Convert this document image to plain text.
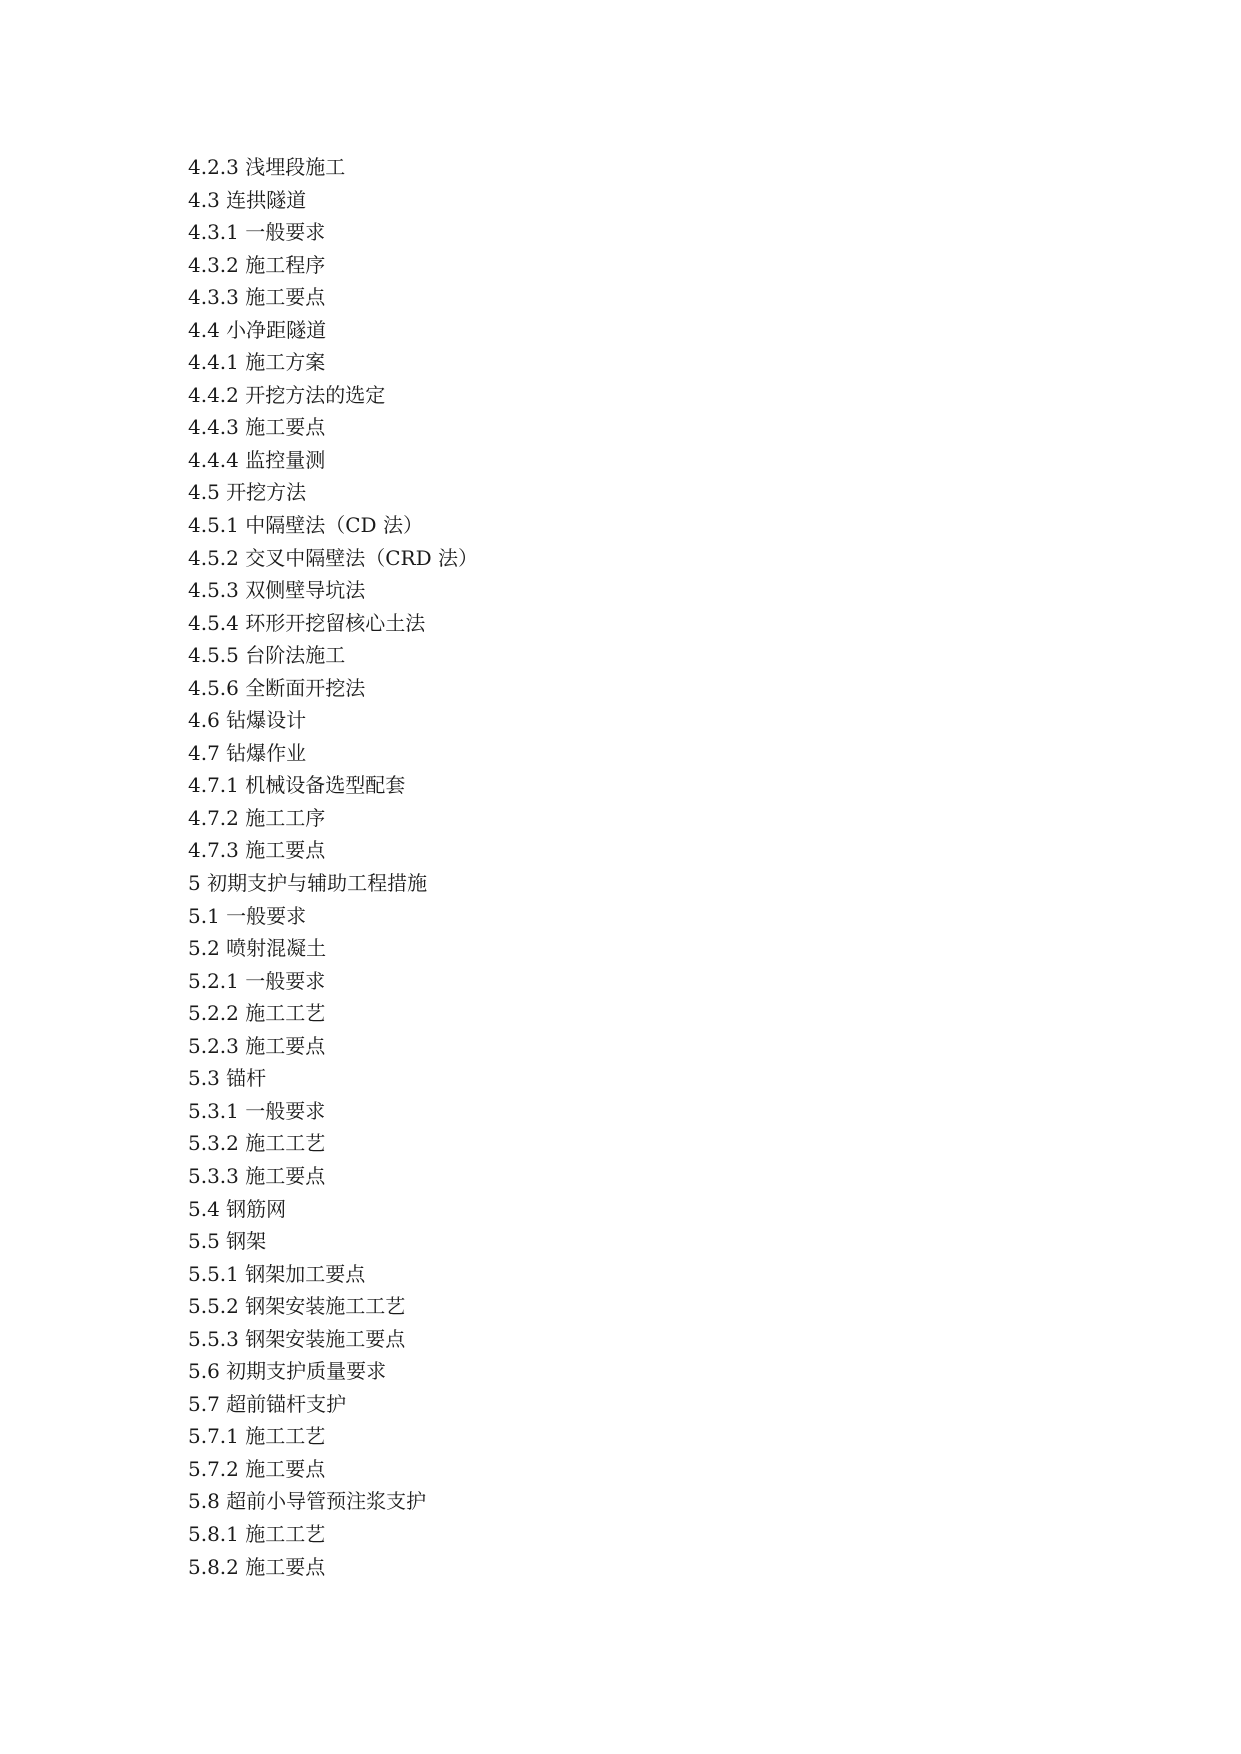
4.2.3 浅埋段施工
4.3 连拱隧道
4.3.1 一般要求
4.3.2 施工程序
4.3.3 施工要点
4.4 小净距隧道
4.4.1 施工方案
4.4.2 开挖方法的选定
4.4.3 施工要点
4.4.4 监控量测
4.5 开挖方法
4.5.1 中隔壁法（CD 法）
4.5.2 交叉中隔壁法（CRD 法）
4.5.3 双侧壁导坑法
4.5.4 环形开挖留核心土法
4.5.5 台阶法施工
4.5.6 全断面开挖法
4.6 钻爆设计
4.7 钻爆作业
4.7.1 机械设备选型配套
4.7.2 施工工序
4.7.3 施工要点
5 初期支护与辅助工程措施
5.1 一般要求
5.2 喷射混凝土
5.2.1 一般要求
5.2.2 施工工艺
5.2.3 施工要点
5.3 锚杆
5.3.1 一般要求
5.3.2 施工工艺
5.3.3 施工要点
5.4 钢筋网
5.5 钢架
5.5.1 钢架加工要点
5.5.2 钢架安装施工工艺
5.5.3 钢架安装施工要点
5.6 初期支护质量要求
5.7 超前锚杆支护
5.7.1 施工工艺
5.7.2 施工要点
5.8 超前小导管预注浆支护
5.8.1 施工工艺
5.8.2 施工要点
